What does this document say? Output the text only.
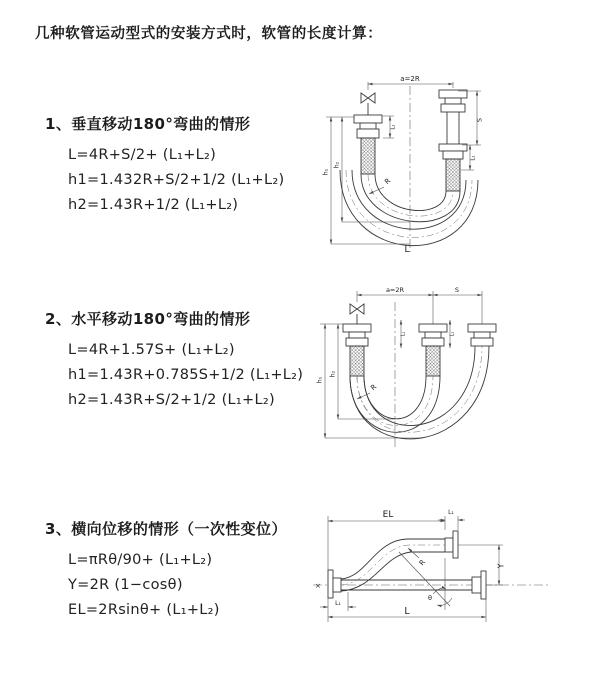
几种软管运动型式的安装方式时，软管的长度计算：
1、垂直移动180°弯曲的情形
L=4R+S/2+ (L₁+L₂)
h1=1.432R+S/2+1/2 (L₁+L₂)
h2=1.43R+1/2 (L₁+L₂)
2、水平移动180°弯曲的情形
L=4R+1.57S+ (L₁+L₂)
h1=1.43R+0.785S+1/2 (L₁+L₂)
h2=1.43R+S/2+1/2 (L₁+L₂)
3、横向位移的情形（一次性变位）
L=πRθ/90+ (L₁+L₂)
Y=2R (1−cosθ)
EL=2Rsinθ+ (L₁+L₂)
a=2R
S
L₁
L₁
h₁
h₂
R
L
a=2R	S
L₁	L₁
h₁
h₂
R
×
EL	L₁
Y
L
L₁
θ
R
